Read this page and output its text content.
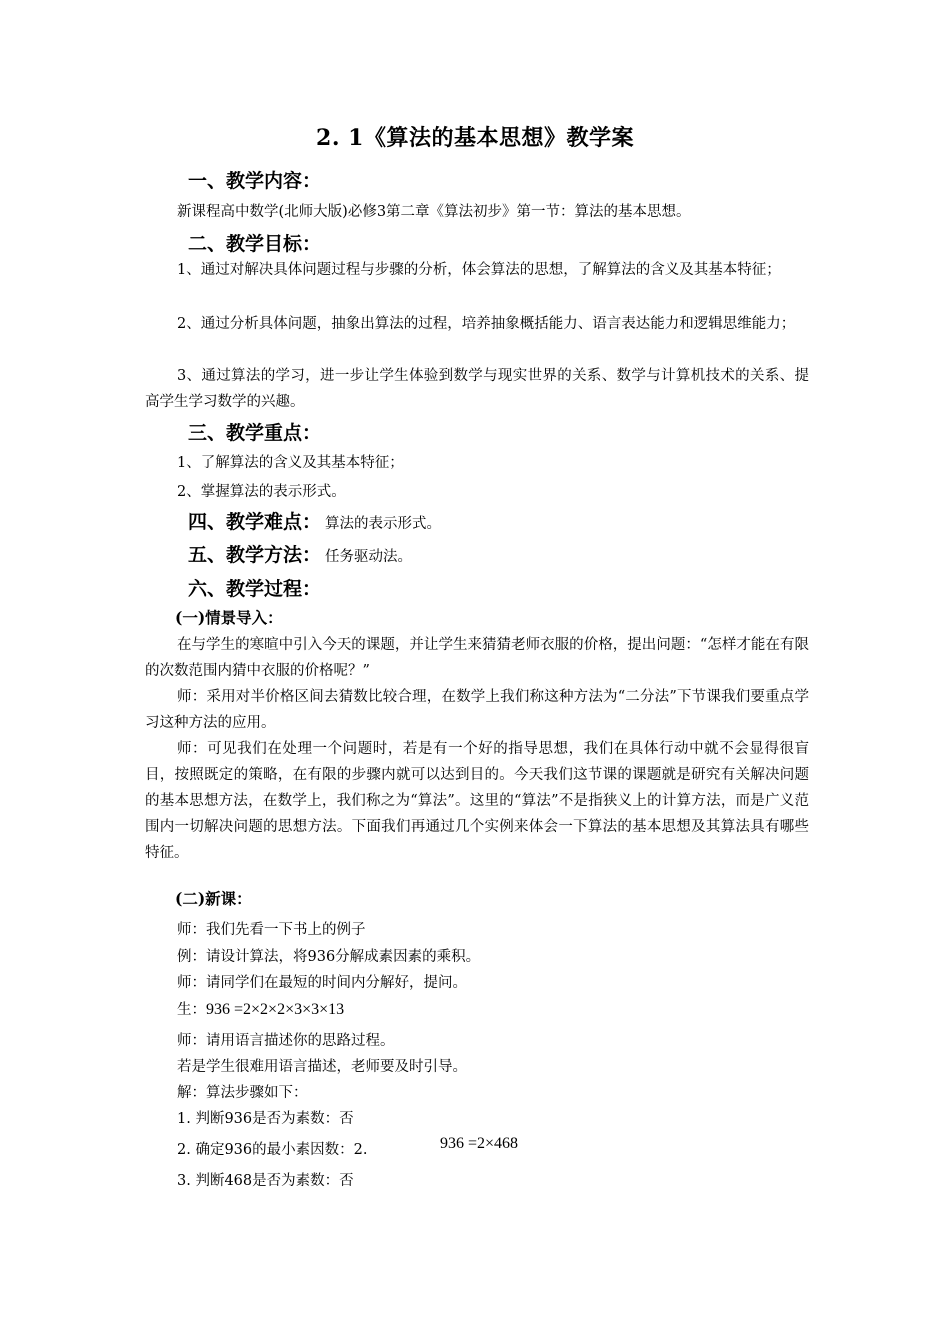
2. 1《算法的基本思想》教学案
一、教学内容：
新课程高中数学(北师大版)必修3第二章《算法初步》第一节：算法的基本思想。
二、教学目标：
1、通过对解决具体问题过程与步骤的分析，体会算法的思想，了解算法的含义及其基本特征；
2、通过分析具体问题，抽象出算法的过程，培养抽象概括能力、语言表达能力和逻辑思维能力；
3、通过算法的学习，进一步让学生体验到数学与现实世界的关系、数学与计算机技术的关系、提高学生学习数学的兴趣。
三、教学重点：
1、了解算法的含义及其基本特征；
2、掌握算法的表示形式。
四、教学难点： 算法的表示形式。
五、教学方法： 任务驱动法。
六、教学过程：
(一)情景导入：
在与学生的寒暄中引入今天的课题，并让学生来猜猜老师衣服的价格，提出问题：“怎样才能在有限的次数范围内猜中衣服的价格呢？”
师：采用对半价格区间去猜数比较合理，在数学上我们称这种方法为“二分法”下节课我们要重点学习这种方法的应用。
师：可见我们在处理一个问题时，若是有一个好的指导思想，我们在具体行动中就不会显得很盲目，按照既定的策略，在有限的步骤内就可以达到目的。今天我们这节课的课题就是研究有关解决问题的基本思想方法，在数学上，我们称之为“算法”。这里的“算法”不是指狭义上的计算方法，而是广义范围内一切解决问题的思想方法。下面我们再通过几个实例来体会一下算法的基本思想及其算法具有哪些特征。
(二)新课：
师：我们先看一下书上的例子
例：请设计算法，将936分解成素因素的乘积。
师：请同学们在最短的时间内分解好，提问。
生：936 =2×2×2×3×3×13
师：请用语言描述你的思路过程。
若是学生很难用语言描述，老师要及时引导。
解：算法步骤如下：
1. 判断936是否为素数：否
2. 确定936的最小素因数：2.	936 =2×468
3. 判断468是否为素数：否
